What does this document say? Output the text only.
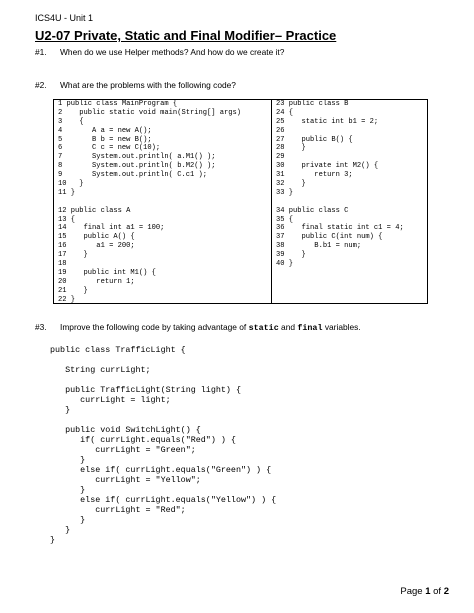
ICS4U - Unit 1
U2-07 Private, Static and Final Modifier– Practice
#1. When do we use Helper methods? And how do we create it?
#2. What are the problems with the following code?
1 public class MainProgram {
2    public static void main(String[] args)
3    {
4       A a = new A();
5       B b = new B();
6       C c = new C(10);
7       System.out.println( a.M1() );
8       System.out.println( b.M2() );
9       System.out.println( C.c1 );
10   }
11 }
12 public class A
13 {
14    final int a1 = 100;
15    public A() {
16       a1 = 200;
17    }
18
19    public int M1() {
20       return 1;
21    }
22 }
23 public class B
24 {
25    static int b1 = 2;
26
27    public B() {
28    }
29
30    private int M2() {
31       return 3;
32    }
33 }
34 public class C
35 {
36    final static int c1 = 4;
37    public C(int num) {
38       B.b1 = num;
39    }
40 }
#3. Improve the following code by taking advantage of static and final variables.
public class TrafficLight {
String currLight;
public TrafficLight(String light) {
currLight = light;
}
public void SwitchLight() {
if( currLight.equals("Red") ) {
currLight = "Green";
}
else if( currLight.equals("Green") ) {
currLight = "Yellow";
}
else if( currLight.equals("Yellow") ) {
currLight = "Red";
}
}
}
Page 1 of 2
